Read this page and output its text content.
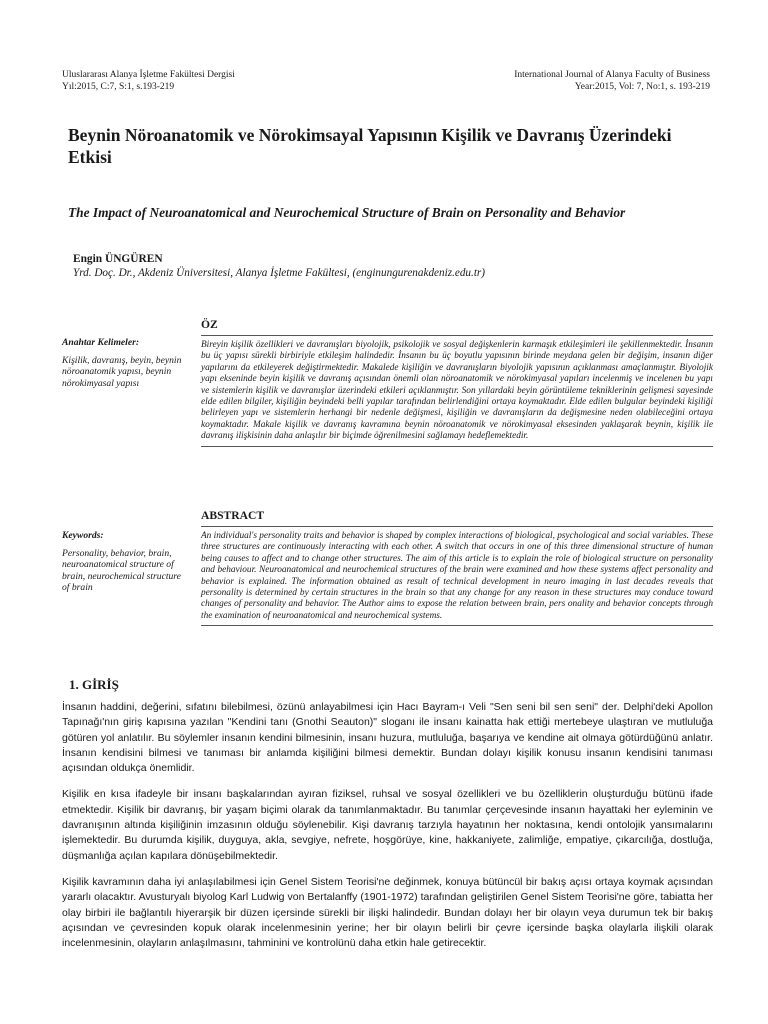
Uluslararası Alanya İşletme Fakültesi Dergisi
Yıl:2015, C:7, S:1, s.193-219
International Journal of Alanya Faculty of Business
Year:2015, Vol: 7, No:1, s. 193-219
Beynin Nöroanatomik ve Nörokimsayal Yapısının Kişilik ve Davranış Üzerindeki Etkisi
The Impact of Neuroanatomical and Neurochemical Structure of Brain on Personality and Behavior
Engin ÜNGÜREN
Yrd. Doç. Dr., Akdeniz Üniversitesi, Alanya İşletme Fakültesi, (enginungurenakdeniz.edu.tr)
Anahtar Kelimeler:
Kişilik, davranış, beyin, beynin nöroanatomik yapısı, beynin nörokimyasal yapısı
ÖZ

Bireyin kişilik özellikleri ve davranışları biyolojik, psikolojik ve sosyal değişkenlerin karmaşık etkileşimleri ile şekillenmektedir. İnsanın bu üç yapısı sürekli birbiriyle etkileşim halindedir. İnsanın bu üç boyutlu yapısının birinde meydana gelen bir değişim, insanın diğer yapılarını da etkileyerek değiştirmektedir. Makalede kişiliğin ve davranışların biyolojik yapısının açıklanması amaçlanmıştır. Biyolojik yapı ekseninde beyin kişilik ve davranış açısından önemli olan nöroanatomik ve nörokimyasal yapıları incelenmiş ve incelenen bu yapı ve sistemlerin kişilik ve davranışlar üzerindeki etkileri açıklanmıştır. Son yıllardaki beyin görüntüleme tekniklerinin gelişmesi sayesinde elde edilen bilgiler, kişiliğin beyindeki belli yapılar tarafından belirlendiğini ortaya koymaktadır. Elde edilen bulgular beyindeki kişiliği belirleyen yapı ve sistemlerin herhangi bir nedenle değişmesi, kişiliğin ve davranışların da değişmesine neden olabileceğini ortaya koymaktadır. Makale kişilik ve davranış kavramına beynin nöroanatomik ve nörokimyasal eksesinden yaklaşarak beynin, kişilik ile davranış ilişkisinin daha anlaşılır bir biçimde öğrenilmesini sağlamayı hedeflemektedir.

Keywords:
Personality, behavior, brain, neuroanatomical structure of brain, neurochemical structure of brain
ABSTRACT

An individual's personality traits and behavior is shaped by complex interactions of biological, psychological and social variables. These three structures are continuously interacting with each other. A switch that occurs in one of this three dimensional structure of human being causes to affect and to change other structures. The aim of this article is to explain the role of biological structure on personality and behaviour. Neuroanatomical and neurochemical structures of the brain were examined and how these systems affect personality and behavior is explained. The information obtained as result of technical development in neuro imaging in last decades reveals that personality is determined by certain structures in the brain so that any change for any reason in these structures may conduce toward changes of personality and behavior. The Author aims to expose the relation between brain, pers onality and behavior concepts through the examination of neuroanatomical and neurochemical systems.

1. GİRİŞ

İnsanın haddini, değerini, sıfatını bilebilmesi, özünü anlayabilmesi için Hacı Bayram-ı Veli "Sen seni bil sen seni" der. Delphi'deki Apollon Tapınağı'nın giriş kapısına yazılan "Kendini tanı (Gnothi Seauton)" sloganı ile insanı kainatta hak ettiği mertebeye ulaştıran ve mutluluğa götüren yol anlatılır. Bu söylemler insanın kendini bilmesinin, insanı huzura, mutluluğa, başarıya ve kendine ait olmaya götürdüğünü anlatır. İnsanın kendisini bilmesi ve tanıması bir anlamda kişiliğini bilmesi demektir. Bundan dolayı kişilik konusu insanın kendisini tanıması açısından oldukça önemlidir.

Kişilik en kısa ifadeyle bir insanı başkalarından ayıran fiziksel, ruhsal ve sosyal özellikleri ve bu özelliklerin oluşturduğu bütünü ifade etmektedir. Kişilik bir davranış, bir yaşam biçimi olarak da tanımlanmaktadır. Bu tanımlar çerçevesinde insanın hayattaki her eyleminin ve davranışının altında kişiliğinin imzasının olduğu söylenebilir. Kişi davranış tarzıyla hayatının her noktasına, kendi ontolojik yansımalarını işlemektedir. Bu durumda kişilik, duyguya, akla, sevgiye, nefrete, hoşgörüye, kine, hakkaniyete, zalimliğe, empatiye, çıkarcılığa, dostluğa, düşmanlığa açılan kapılara dönüşebilmektedir.

Kişilik kavramının daha iyi anlaşılabilmesi için Genel Sistem Teorisi'ne değinmek, konuya bütüncül bir bakış açısı ortaya koymak açısından yararlı olacaktır. Avusturyalı biyolog Karl Ludwig von Bertalanffy (1901-1972) tarafından geliştirilen Genel Sistem Teorisi'ne göre, tabiatta her olay birbiri ile bağlantılı hiyerarşik bir düzen içersinde sürekli bir ilişki halindedir. Bundan dolayı her bir olayın veya durumun tek bir bakış açısından ve çevresinden kopuk olarak incelenmesinin yerine; her bir olayın belirli bir çevre içersinde başka olaylarla ilişkili olarak incelenmesinin, olayların anlaşılmasını, tahminini ve kontrolünü daha etkin hale getirecektir.
